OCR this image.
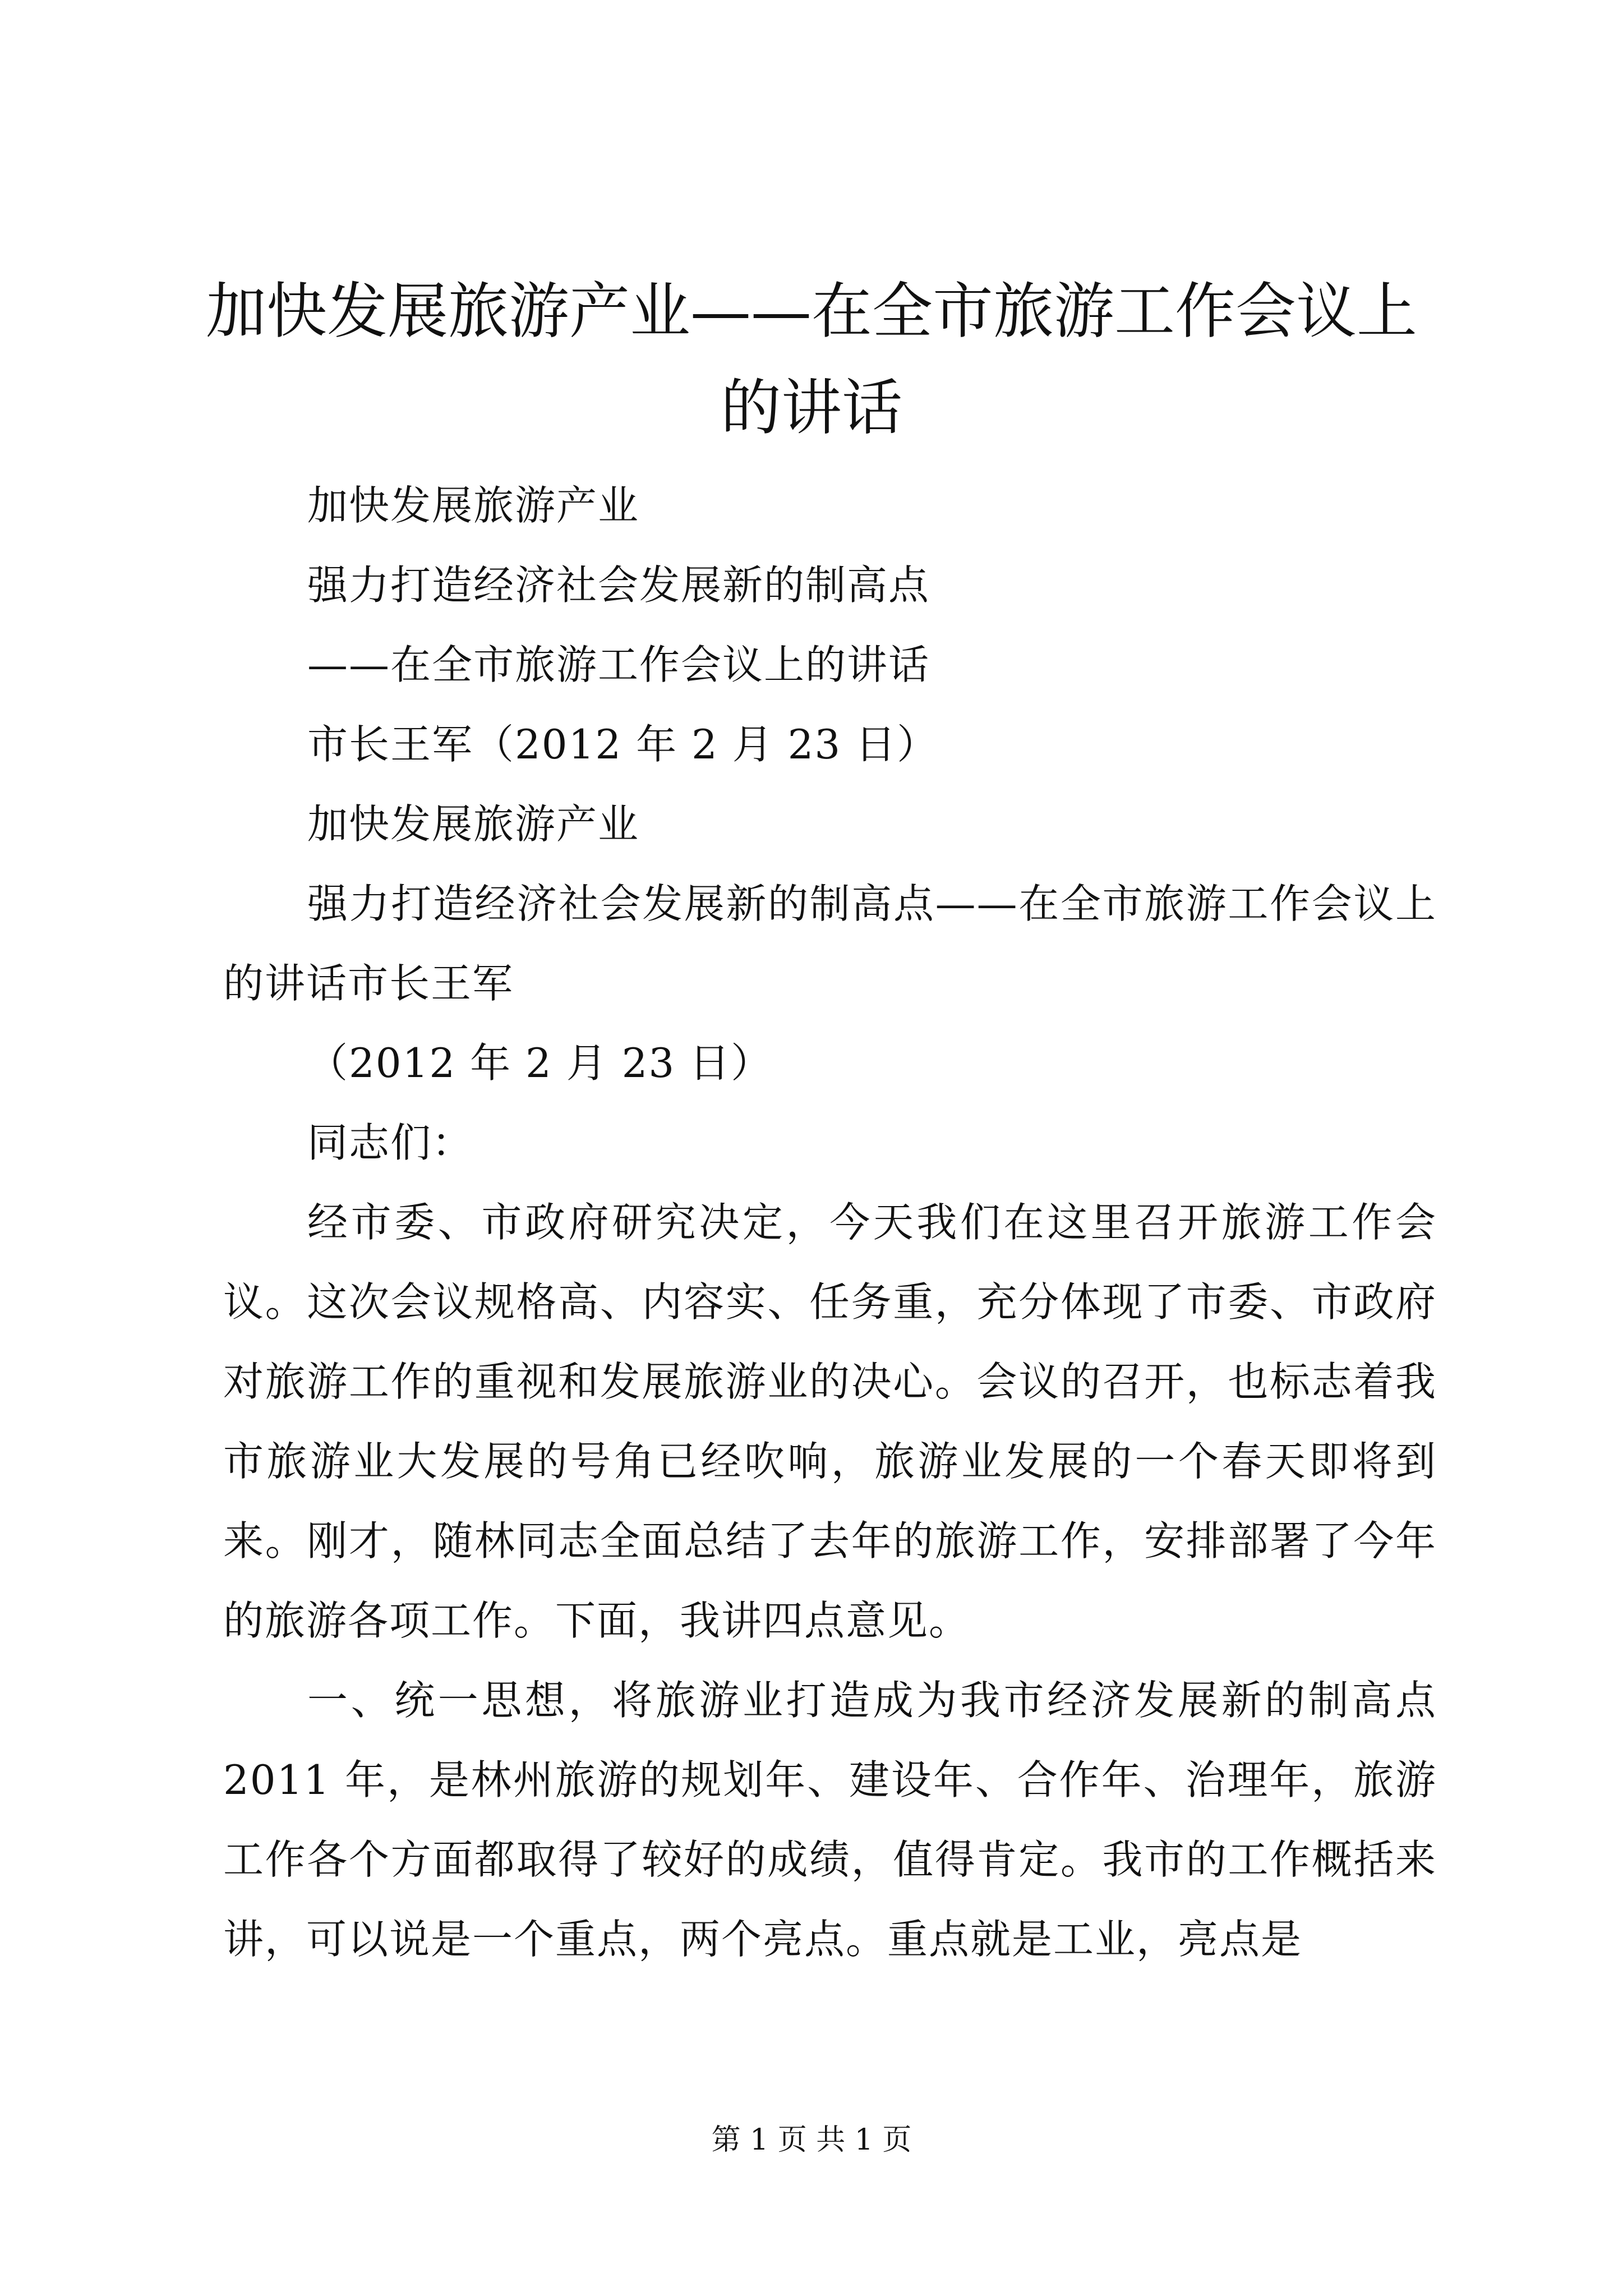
加快发展旅游产业——在全市旅游工作会议上的讲话

加快发展旅游产业

强力打造经济社会发展新的制高点

——在全市旅游工作会议上的讲话

市长王军（2012 年 2 月 23 日）

加快发展旅游产业

强力打造经济社会发展新的制高点——在全市旅游工作会议上的讲话市长王军

（2012 年 2 月 23 日）

同志们：

经市委、市政府研究决定，今天我们在这里召开旅游工作会议。这次会议规格高、内容实、任务重，充分体现了市委、市政府对旅游工作的重视和发展旅游业的决心。会议的召开，也标志着我市旅游业大发展的号角已经吹响，旅游业发展的一个春天即将到来。刚才，随林同志全面总结了去年的旅游工作，安排部署了今年的旅游各项工作。下面，我讲四点意见。

一、统一思想，将旅游业打造成为我市经济发展新的制高点 2011 年，是林州旅游的规划年、建设年、合作年、治理年，旅游工作各个方面都取得了较好的成绩，值得肯定。我市的工作概括来讲，可以说是一个重点，两个亮点。重点就是工业，亮点是

第 1 页 共 1 页
